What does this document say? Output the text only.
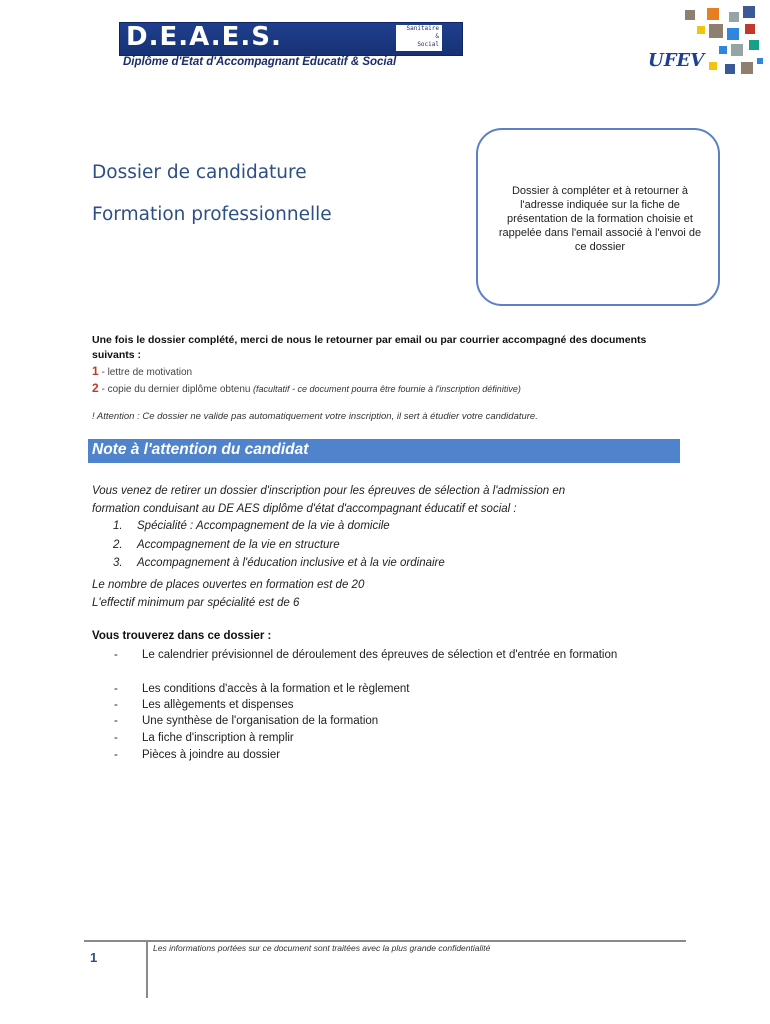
D.E.A.E.S.	Sanitaire
&
Social
Diplôme d'État d'Accompagnant Éducatif & Social	UFEV
Dossier de candidature
Formation professionnelle
Dossier à compléter et à retourner à l'adresse indiquée sur la fiche de présentation de la formation choisie et rappelée dans l'email associé à l'envoi de ce dossier
Une fois le dossier complété, merci de nous le retourner par email ou par courrier accompagné des documents suivants :
1 - lettre de motivation
2 - copie du dernier diplôme obtenu (facultatif - ce document pourra être fournie à l'inscription définitive)
! Attention : Ce dossier ne valide pas automatiquement votre inscription, il sert à étudier votre candidature.
Note à l'attention du candidat
Vous venez de retirer un dossier d'inscription pour les épreuves de sélection à l'admission en
formation conduisant au DE AES diplôme d'état d'accompagnant éducatif et social :
1. Spécialité : Accompagnement de la vie à domicile
2. Accompagnement de la vie en structure
3. Accompagnement à l'éducation inclusive et à la vie ordinaire
Le nombre de places ouvertes en formation est de 20
L'effectif minimum par spécialité est de 6
Vous trouverez dans ce dossier :
- Le calendrier prévisionnel de déroulement des épreuves de sélection et d'entrée en formation
- Les conditions d'accès à la formation et le règlement
- Les allègements et dispenses
- Une synthèse de l'organisation de la formation
- La fiche d'inscription à remplir
- Pièces à joindre au dossier
1
Les informations portées sur ce document sont traitées avec la plus grande confidentialité
